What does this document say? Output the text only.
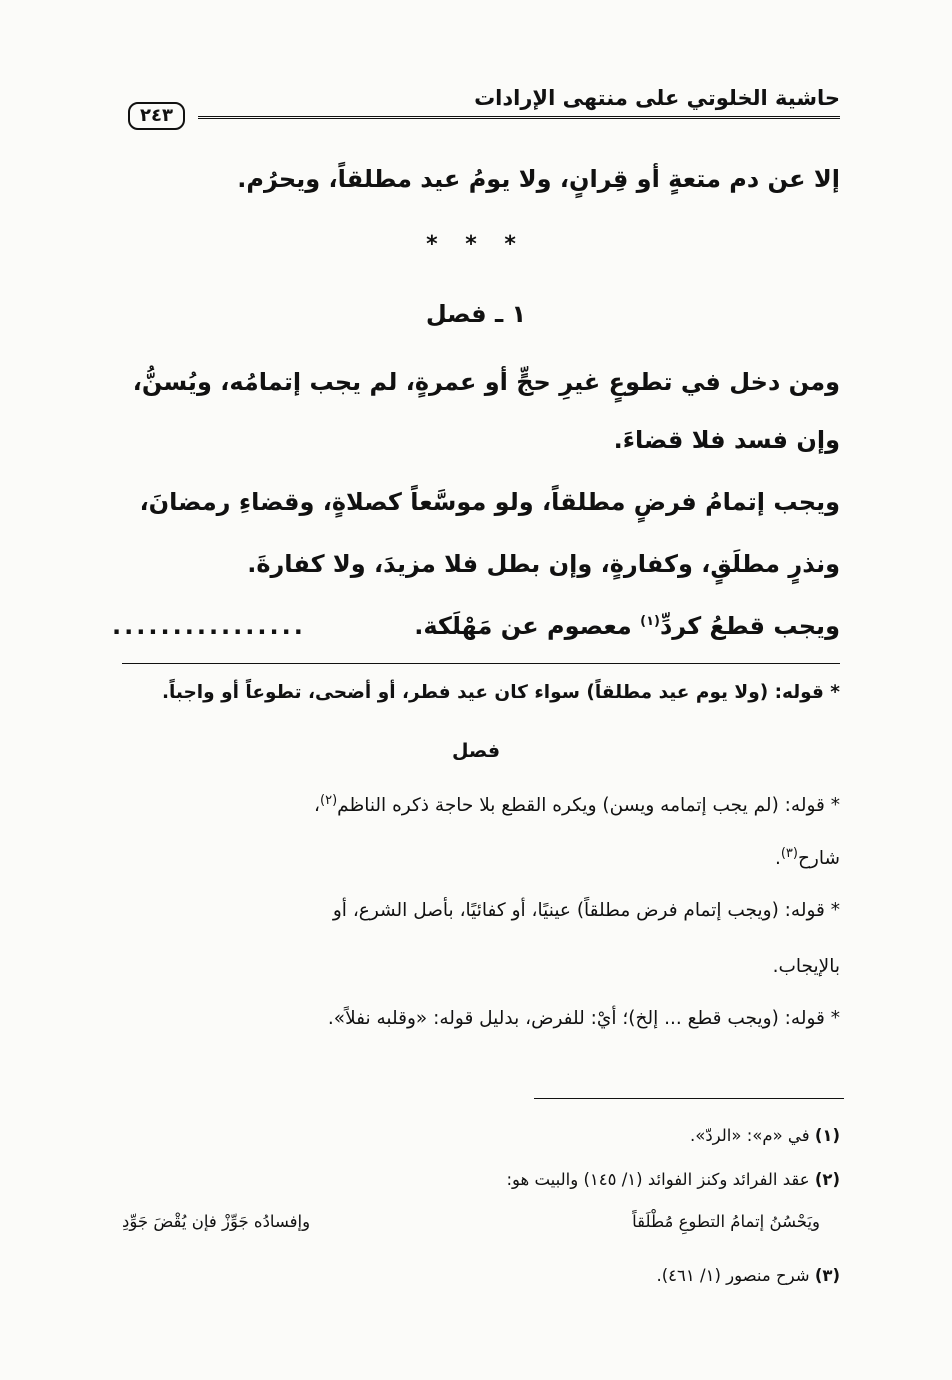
حاشية الخلوتي على منتهى الإرادات
٢٤٣
إلا عن دم متعةٍ أو قِرانٍ، ولا يومُ عيد مطلقاً، ويحرُم.
* * *
١ ـ فصل
ومن دخل في تطوعٍ غيرِ حجٍّ أو عمرةٍ، لم يجب إتمامُه، ويُسنُّ،
وإن فسد فلا قضاءَ.
ويجب إتمامُ فرضٍ مطلقاً، ولو موسَّعاً كصلاةٍ، وقضاءِ رمضانَ،
ونذرٍ مطلَقٍ، وكفارةٍ، وإن بطل فلا مزيدَ، ولا كفارةَ.
ويجب قطعُ كردِّ$^{(١)}$ معصوم عن مَهْلَكة.
................
* قوله: (ولا يوم عيد مطلقاً) سواء كان عيد فطر، أو أضحى، تطوعاً أو واجباً.
فصل
* قوله: (لم يجب إتمامه ويسن) ويكره القطع بلا حاجة ذكره الناظم$^{(٢)}$،
شارح$^{(٣)}$.
* قوله: (ويجب إتمام فرض مطلقاً) عينيًا، أو كفائيًا، بأصل الشرع، أو
بالإيجاب.
* قوله: (ويجب قطع ... إلخ)؛ أيْ: للفرض، بدليل قوله: «وقلبه نفلاً».
(١) في «م»: «الردّ».
(٢) عقد الفرائد وكنز الفوائد (١/ ١٤٥) والبيت هو:
ويَحْسُنُ إتمامُ التطوعِ مُطْلَقاً
وإفسادُه جَوِّزْ فإن يُقْضَ جَوِّدِ
(٣) شرح منصور (١/ ٤٦١).
